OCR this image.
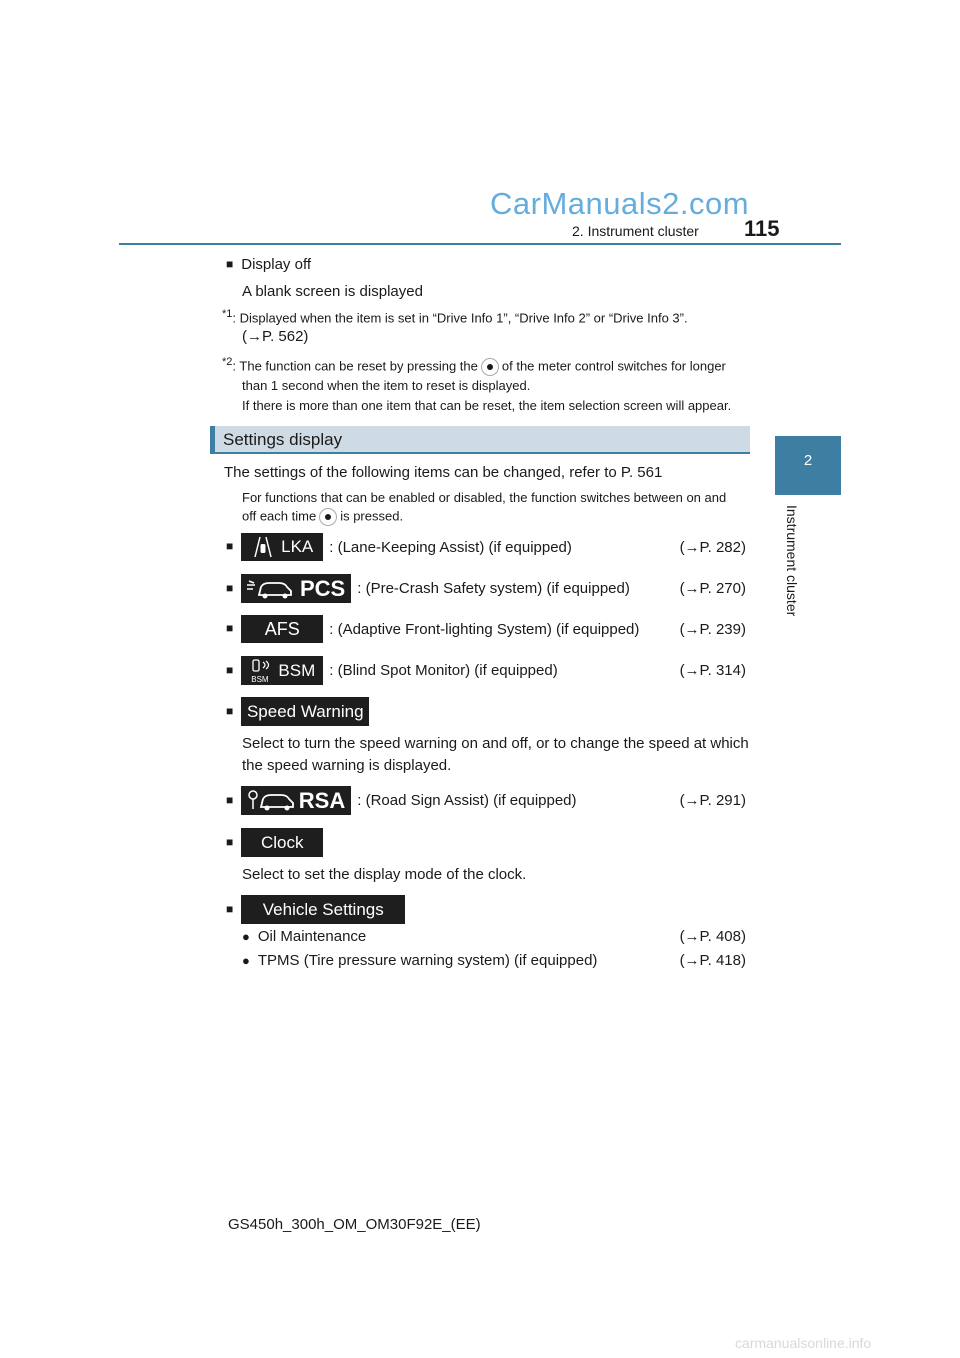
CarManuals2.com
2. Instrument cluster 115
2
Instrument cluster
■ Display off
A blank screen is displayed
$^{*1}$: Displayed when the item is set in “Drive Info 1”, “Drive Info 2” or “Drive Info 3”.
(→P. 562)
$^{*2}$: The function can be reset by pressing the of the meter control switches for longer
than 1 second when the item to reset is displayed.
If there is more than one item that can be reset, the item selection screen will appear.
Settings display
The settings of the following items can be changed, refer to P. 561
For functions that can be enabled or disabled, the function switches between on and
off each time is pressed.
■	LKA : (Lane-Keeping Assist) (if equipped)	(→P. 282)
■	PCS : (Pre-Crash Safety system) (if equipped)	(→P. 270)
■ AFS : (Adaptive Front-lighting System) (if equipped)	(→P. 239)
■
BSM BSM : (Blind Spot Monitor) (if equipped)	(→P. 314)
■ Speed Warning
Select to turn the speed warning on and off, or to change the speed at which
the speed warning is displayed.
■	RSA : (Road Sign Assist) (if equipped)	(→P. 291)
■ Clock
Select to set the display mode of the clock.
■ Vehicle Settings
● Oil Maintenance	(→P. 408)
● TPMS (Tire pressure warning system) (if equipped)	(→P. 418)
GS450h_300h_OM_OM30F92E_(EE)
carmanualsonline.info
